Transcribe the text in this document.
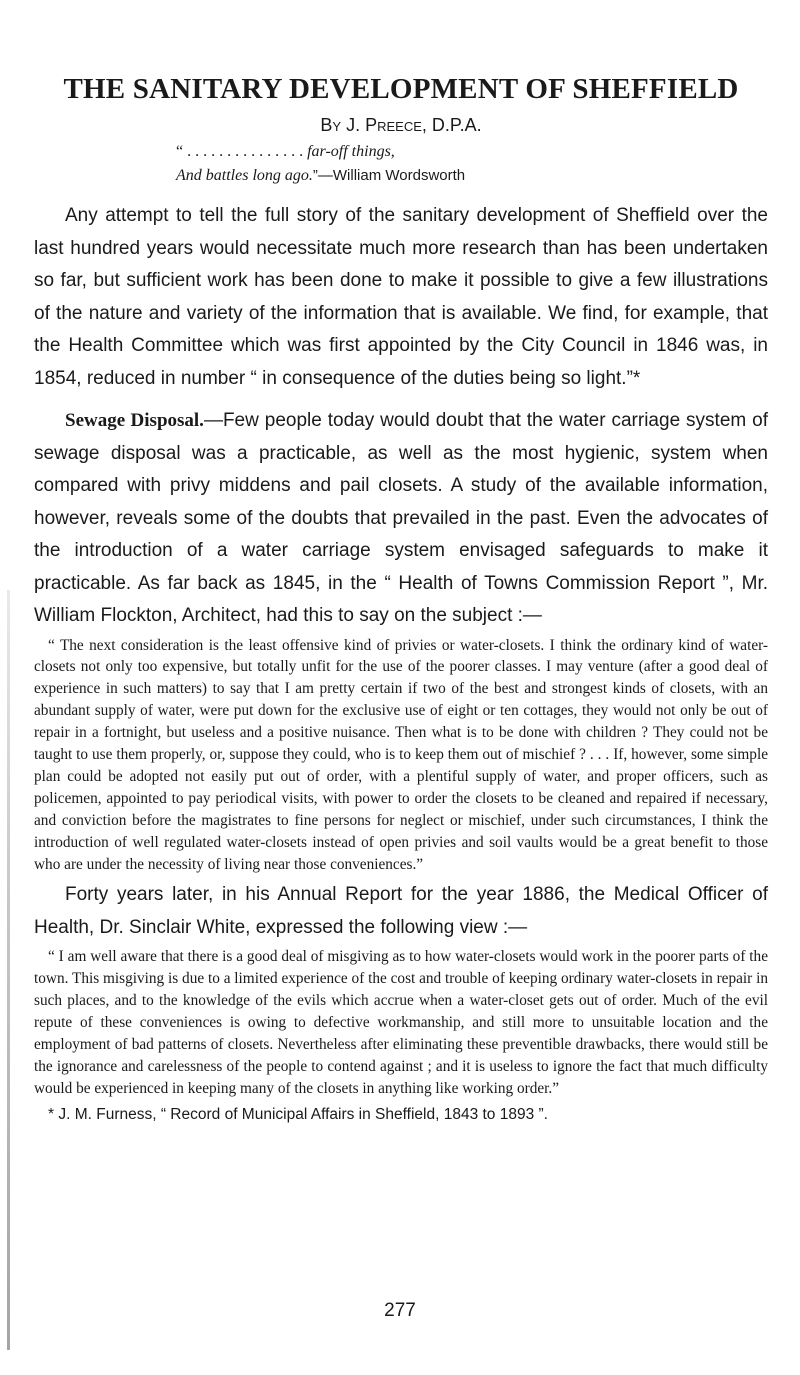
THE SANITARY DEVELOPMENT OF SHEFFIELD
By J. Preece, D.P.A.
“ . . . . . . . . . . . . . . . far-off things,
And battles long ago.”—William Wordsworth

Any attempt to tell the full story of the sanitary development of Sheffield over the last hundred years would necessitate much more research than has been undertaken so far, but sufficient work has been done to make it possible to give a few illustrations of the nature and variety of the information that is available. We find, for example, that the Health Committee which was first appointed by the City Council in 1846 was, in 1854, reduced in number “ in consequence of the duties being so light.”*

Sewage Disposal.—Few people today would doubt that the water carriage system of sewage disposal was a practicable, as well as the most hygienic, system when compared with privy middens and pail closets. A study of the available information, however, reveals some of the doubts that prevailed in the past. Even the advocates of the introduction of a water carriage system envisaged safeguards to make it practicable. As far back as 1845, in the “ Health of Towns Commission Report ”, Mr. William Flockton, Architect, had this to say on the subject :—

“ The next consideration is the least offensive kind of privies or water-closets. I think the ordinary kind of water-closets not only too expensive, but totally unfit for the use of the poorer classes. I may venture (after a good deal of experience in such matters) to say that I am pretty certain if two of the best and strongest kinds of closets, with an abundant supply of water, were put down for the exclusive use of eight or ten cottages, they would not only be out of repair in a fortnight, but useless and a positive nuisance. Then what is to be done with children ? They could not be taught to use them properly, or, suppose they could, who is to keep them out of mischief ? . . . If, however, some simple plan could be adopted not easily put out of order, with a plentiful supply of water, and proper officers, such as policemen, appointed to pay periodical visits, with power to order the closets to be cleaned and repaired if necessary, and conviction before the magistrates to fine persons for neglect or mischief, under such circumstances, I think the introduction of well regulated water-closets instead of open privies and soil vaults would be a great benefit to those who are under the necessity of living near those conveniences.”

Forty years later, in his Annual Report for the year 1886, the Medical Officer of Health, Dr. Sinclair White, expressed the following view :—

“ I am well aware that there is a good deal of misgiving as to how water-closets would work in the poorer parts of the town. This misgiving is due to a limited experience of the cost and trouble of keeping ordinary water-closets in repair in such places, and to the knowledge of the evils which accrue when a water-closet gets out of order. Much of the evil repute of these conveniences is owing to defective workmanship, and still more to unsuitable location and the employment of bad patterns of closets. Nevertheless after eliminating these preventible drawbacks, there would still be the ignorance and carelessness of the people to contend against ; and it is useless to ignore the fact that much difficulty would be experienced in keeping many of the closets in anything like working order.”

* J. M. Furness, “ Record of Municipal Affairs in Sheffield, 1843 to 1893 ”.
277
